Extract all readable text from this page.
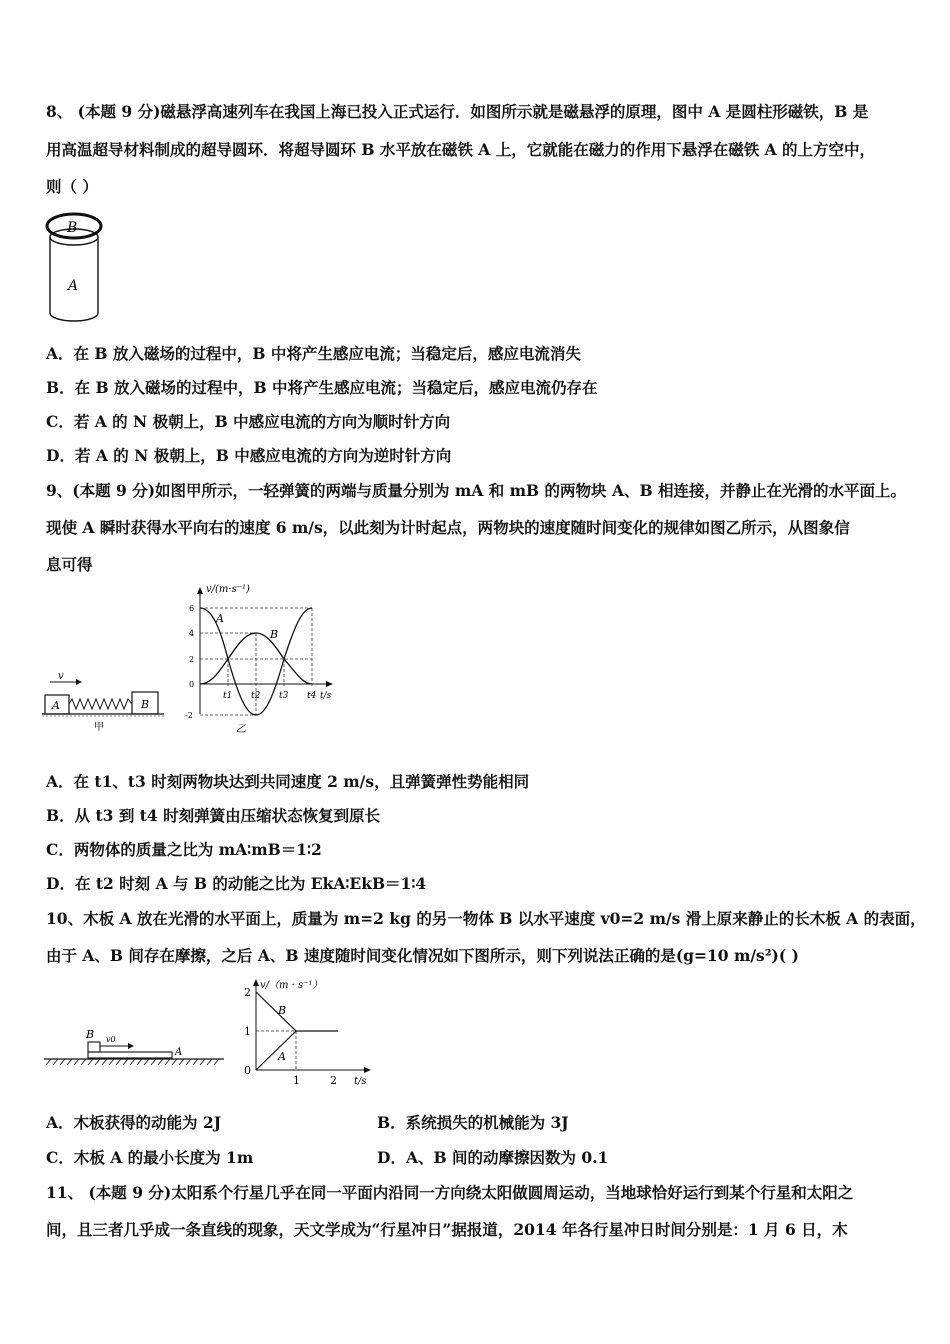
8、 (本题 9 分)磁悬浮高速列车在我国上海已投入正式运行．如图所示就是磁悬浮的原理，图中 A 是圆柱形磁铁，B 是
用高温超导材料制成的超导圆环．将超导圆环 B 水平放在磁铁 A 上，它就能在磁力的作用下悬浮在磁铁 A 的上方空中，
则（ ）
B
A
A．在 B 放入磁场的过程中，B 中将产生感应电流；当稳定后，感应电流消失
B．在 B 放入磁场的过程中，B 中将产生感应电流；当稳定后，感应电流仍存在
C．若 A 的 N 极朝上，B 中感应电流的方向为顺时针方向
D．若 A 的 N 极朝上，B 中感应电流的方向为逆时针方向
9、(本题 9 分)如图甲所示，一轻弹簧的两端与质量分别为 mA 和 mB 的两物块 A、B 相连接，并静止在光滑的水平面上。
现使 A 瞬时获得水平向右的速度 6 m/s，以此刻为计时起点，两物块的速度随时间变化的规律如图乙所示，从图象信
息可得
v
A	B
甲
v/(m·s⁻¹)
6
4
2
0
-2
t1 t2 t3 t4 t/s
A
B
乙
A．在 t1、t3 时刻两物块达到共同速度 2 m/s，且弹簧弹性势能相同
B．从 t3 到 t4 时刻弹簧由压缩状态恢复到原长
C．两物体的质量之比为 mA∶mB＝1∶2
D．在 t2 时刻 A 与 B 的动能之比为 EkA∶EkB＝1∶4
10、木板 A 放在光滑的水平面上，质量为 m=2 kg 的另一物体 B 以水平速度 v0=2 m/s 滑上原来静止的长木板 A 的表面，
由于 A、B 间存在摩擦，之后 A、B 速度随时间变化情况如下图所示，则下列说法正确的是(g=10 m/s²)( )
B v0
A
v/（m · s⁻¹）
2
1
0
1	2 t/s
B
A
A．木板获得的动能为 2J	B．系统损失的机械能为 3J
C．木板 A 的最小长度为 1m	D．A、B 间的动摩擦因数为 0.1
11、 (本题 9 分)太阳系个行星几乎在同一平面内沿同一方向绕太阳做圆周运动，当地球恰好运行到某个行星和太阳之
间，且三者几乎成一条直线的现象，天文学成为“行星冲日”据报道，2014 年各行星冲日时间分别是：1 月 6 日，木
